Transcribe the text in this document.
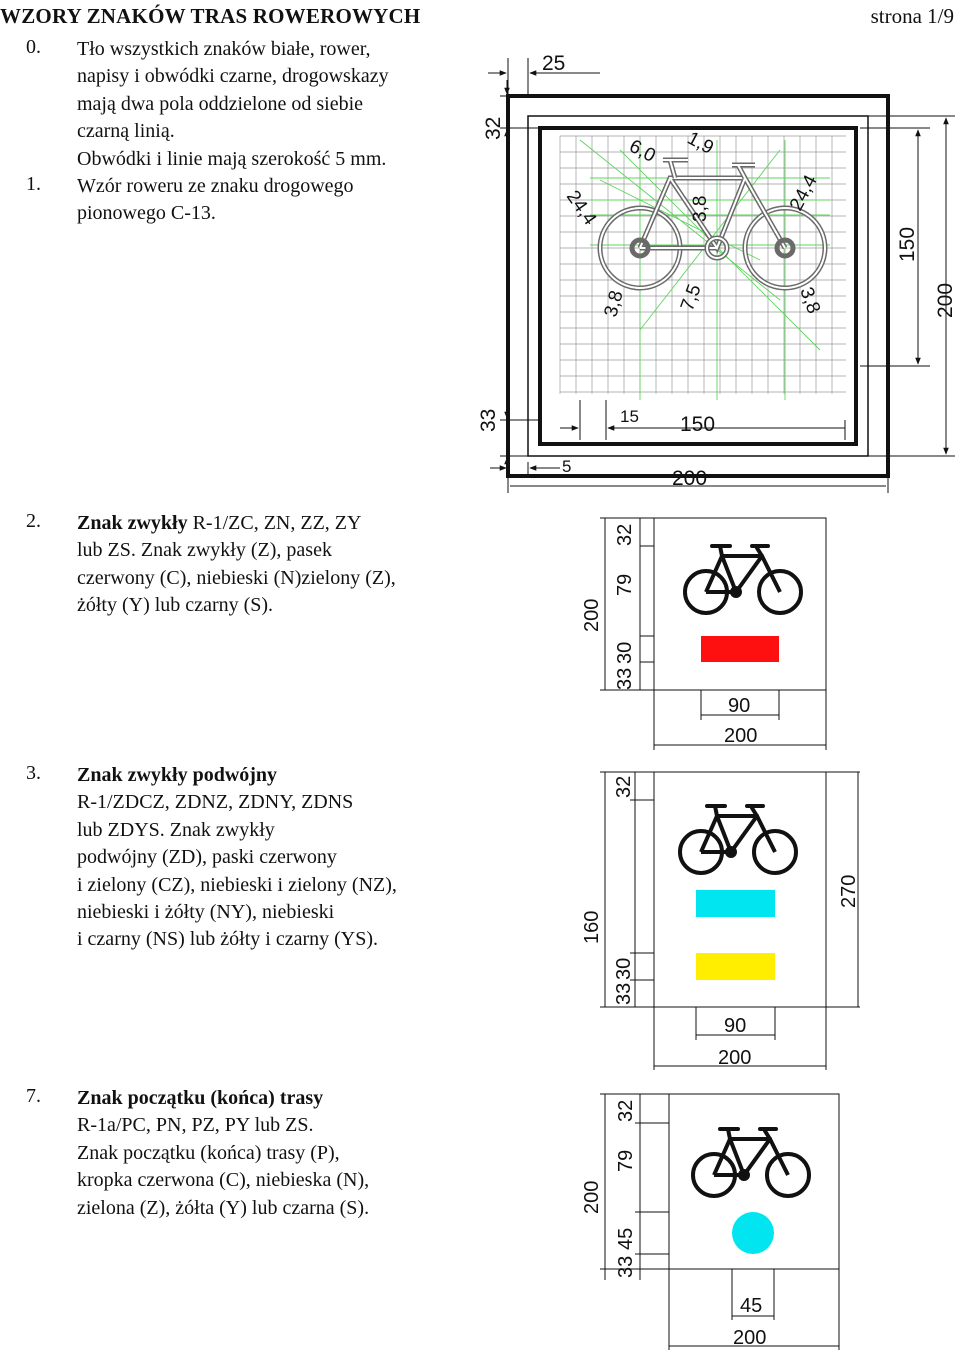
WZORY ZNAKÓW TRAS ROWEROWYCH	strona 1/9
0. Tło wszystkich znaków białe, rower,
napisy i obwódki czarne, drogowskazy
mają dwa pola oddzielone od siebie
czarną linią.
Obwódki i linie mają szerokość 5 mm.
1. Wzór roweru ze znaku drogowego
pionowego C-13.
2. Znak zwykły R-1/ZC, ZN, ZZ, ZY
lub ZS. Znak zwykły (Z), pasek
czerwony (C), niebieski (N)zielony (Z),
żółty (Y) lub czarny (S).
3. Znak zwykły podwójny
R-1/ZDCZ, ZDNZ, ZDNY, ZDNS
lub ZDYS. Znak zwykły
podwójny (ZD), paski czerwony
i zielony (CZ), niebieski i zielony (NZ),
niebieski i żółty (NY), niebieski
i czarny (NS) lub żółty i czarny (YS).
7. Znak początku (końca) trasy
R-1a/PC, PN, PZ, PY lub ZS.
Znak początku (końca) trasy (P),
kropka czerwona (C), niebieska (N),
zielona (Z), żółta (Y) lub czarna (S).
6,0 1,9
24,4	24,4
3,8
3,8	7,5	3,8
25
32
150
200
33	15 150
5
200
32
79
30
33
200
90
200
32
160
30
33
270
90
200
32
79
45
33
200
45
200
